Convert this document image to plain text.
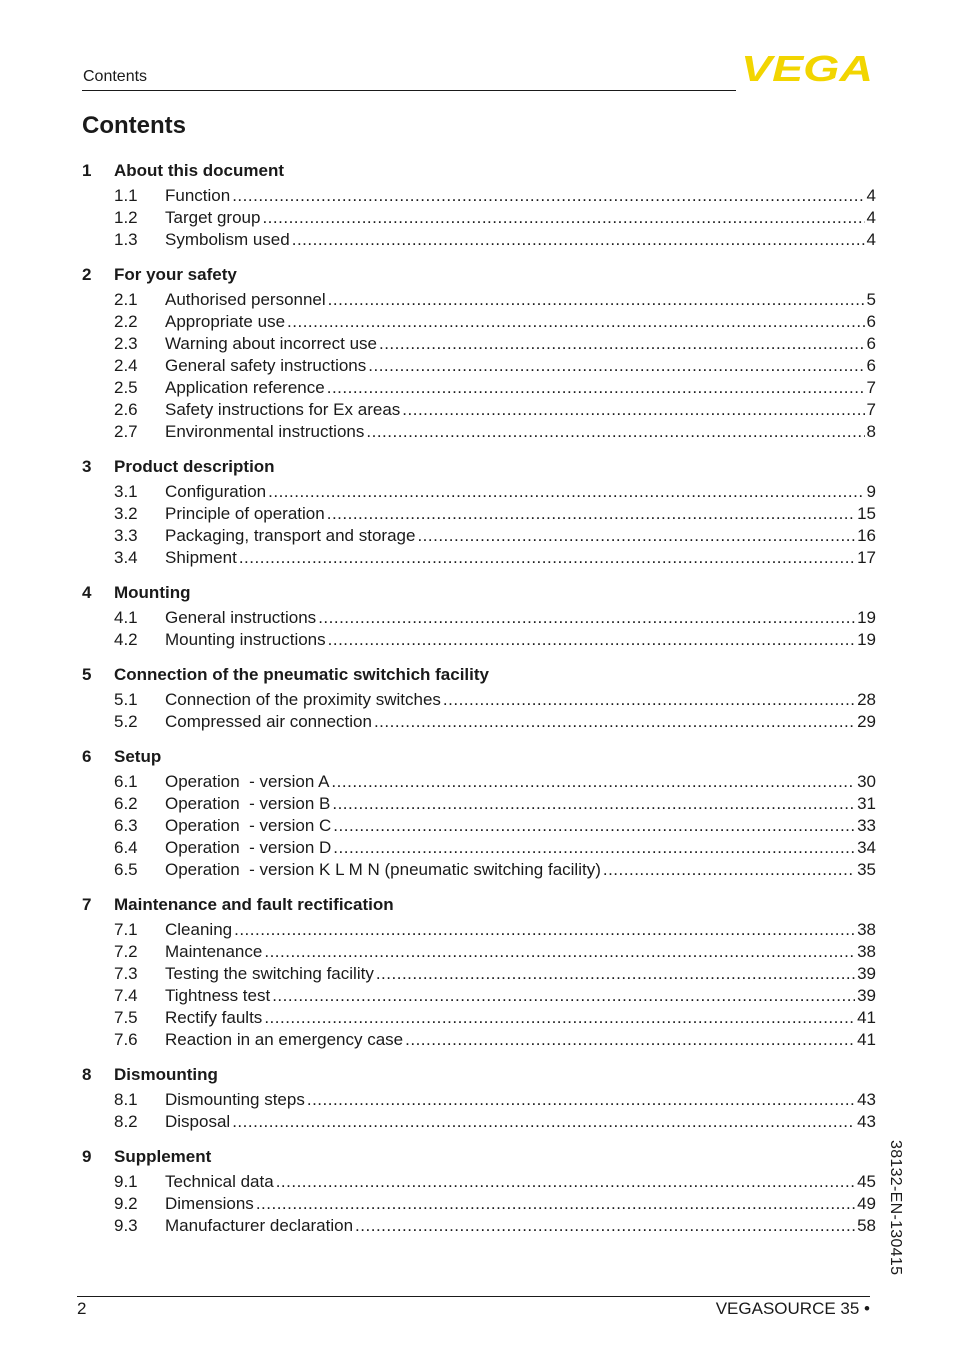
Contents	VEGA
Contents
1	About this document
1.1	Function .....	4
1.2	Target group .....	4
1.3	Symbolism used .....	4
2	For your safety
2.1	Authorised personnel .....	5
2.2	Appropriate use .....	6
2.3	Warning about incorrect use .....	6
2.4	General safety instructions .....	6
2.5	Application reference .....	7
2.6	Safety instructions for Ex areas .....	7
2.7	Environmental instructions .....	8
3	Product description
3.1	Configuration .....	9
3.2	Principle of operation .....	15
3.3	Packaging, transport and storage .....	16
3.4	Shipment .....	17
4	Mounting
4.1	General instructions .....	19
4.2	Mounting instructions .....	19
5	Connection of the pneumatic switchich facility
5.1	Connection of the proximity switches .....	28
5.2	Compressed air connection .....	29
6	Setup
6.1	Operation  - version A .....	30
6.2	Operation  - version B .....	31
6.3	Operation  - version C .....	33
6.4	Operation  - version D .....	34
6.5	Operation  - version K L M N (pneumatic switching facility) .....	35
7	Maintenance and fault rectification
7.1	Cleaning .....	38
7.2	Maintenance .....	38
7.3	Testing the switching facility .....	39
7.4	Tightness test .....	39
7.5	Rectify faults .....	41
7.6	Reaction in an emergency case .....	41
8	Dismounting
8.1	Dismounting steps .....	43
8.2	Disposal .....	43
9	Supplement
9.1	Technical data .....	45
9.2	Dimensions .....	49
9.3	Manufacturer declaration .....	58 38132-EN-130415
2	VEGASOURCE 35 •
